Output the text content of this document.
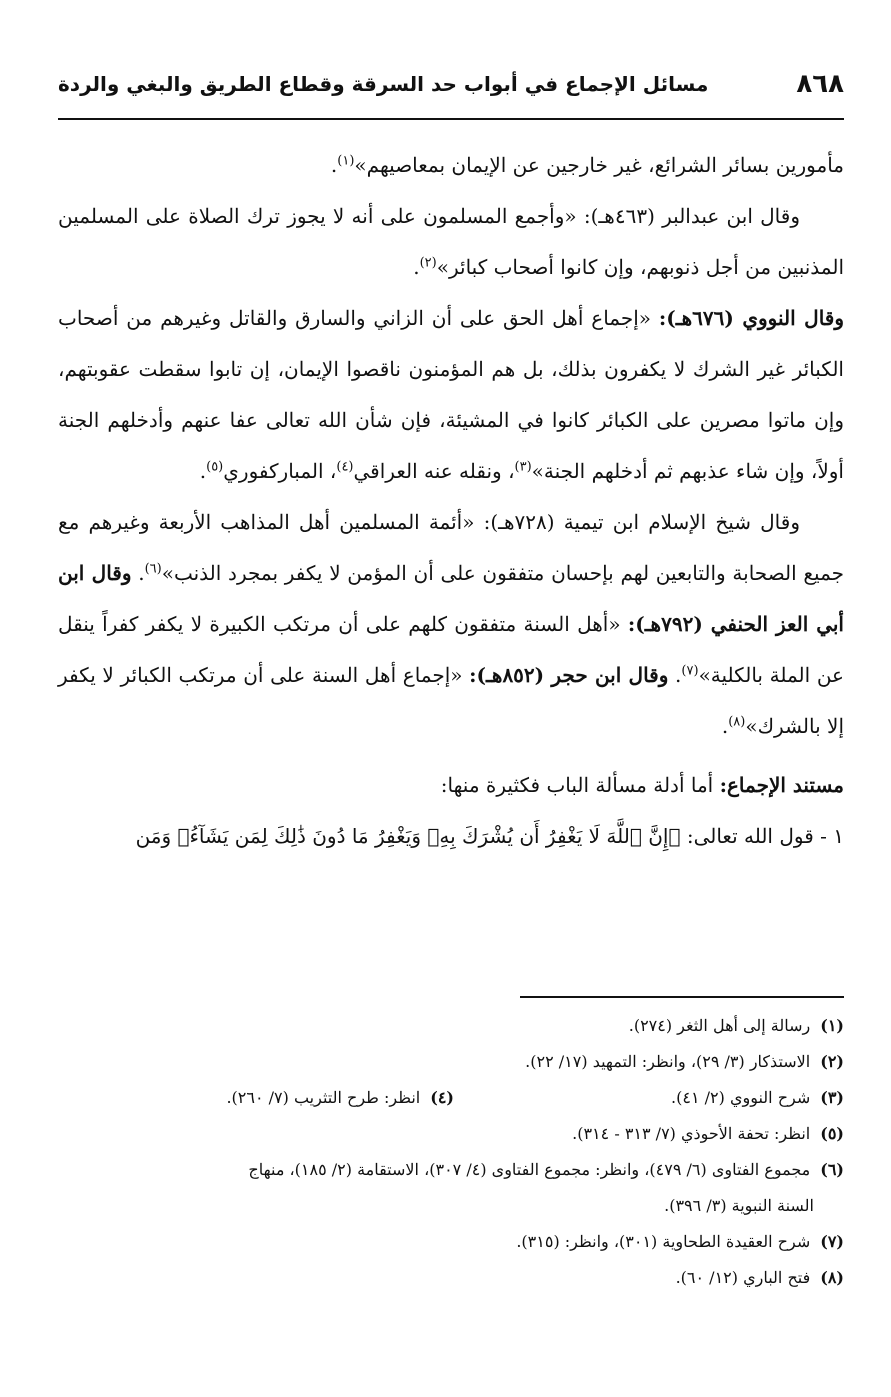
٨٦٨
مسائل الإجماع في أبواب حد السرقة وقطاع الطريق والبغي والردة

مأمورين بسائر الشرائع، غير خارجين عن الإيمان بمعاصيهم»$^{(١)}$.

وقال ابن عبدالبر (٤٦٣هـ): «وأجمع المسلمون على أنه لا يجوز ترك الصلاة على المسلمين المذنبين من أجل ذنوبهم، وإن كانوا أصحاب كبائر»$^{(٢)}$.

وقال النووي (٦٧٦هـ): «إجماع أهل الحق على أن الزاني والسارق والقاتل وغيرهم من أصحاب الكبائر غير الشرك لا يكفرون بذلك، بل هم المؤمنون ناقصوا الإيمان، إن تابوا سقطت عقوبتهم، وإن ماتوا مصرين على الكبائر كانوا في المشيئة، فإن شأن الله تعالى عفا عنهم وأدخلهم الجنة أولاً، وإن شاء عذبهم ثم أدخلهم الجنة»$^{(٣)}$، ونقله عنه العراقي$^{(٤)}$، المباركفوري$^{(٥)}$.

وقال شيخ الإسلام ابن تيمية (٧٢٨هـ): «أئمة المسلمين أهل المذاهب الأربعة وغيرهم مع جميع الصحابة والتابعين لهم بإحسان متفقون على أن المؤمن لا يكفر بمجرد الذنب»$^{(٦)}$. وقال ابن أبي العز الحنفي (٧٩٢هـ): «أهل السنة متفقون كلهم على أن مرتكب الكبيرة لا يكفر كفراً ينقل عن الملة بالكلية»$^{(٧)}$. وقال ابن حجر (٨٥٢هـ): «إجماع أهل السنة على أن مرتكب الكبائر لا يكفر إلا بالشرك»$^{(٨)}$.

مستند الإجماع: أما أدلة مسألة الباب فكثيرة منها:

١ - قول الله تعالى: ﴿إِنَّ ٱللَّهَ لَا يَغْفِرُ أَن يُشْرَكَ بِهِۦ وَيَغْفِرُ مَا دُونَ ذَٰلِكَ لِمَن يَشَآءُۚ وَمَن

(١)
رسالة إلى أهل الثغر (٢٧٤).

(٢)
الاستذكار (٣/ ٢٩)، وانظر: التمهيد (١٧/ ٢٢).

(٣)
شرح النووي (٢/ ٤١).

(٤)
انظر: طرح التثريب (٧/ ٢٦٠).

(٥)
انظر: تحفة الأحوذي (٧/ ٣١٣ - ٣١٤).

(٦)
مجموع الفتاوى (٦/ ٤٧٩)، وانظر: مجموع الفتاوى (٤/ ٣٠٧)، الاستقامة (٢/ ١٨٥)، منهاج

السنة النبوية (٣/ ٣٩٦).

(٧)
شرح العقيدة الطحاوية (٣٠١)، وانظر: (٣١٥).

(٨)
فتح الباري (١٢/ ٦٠).
